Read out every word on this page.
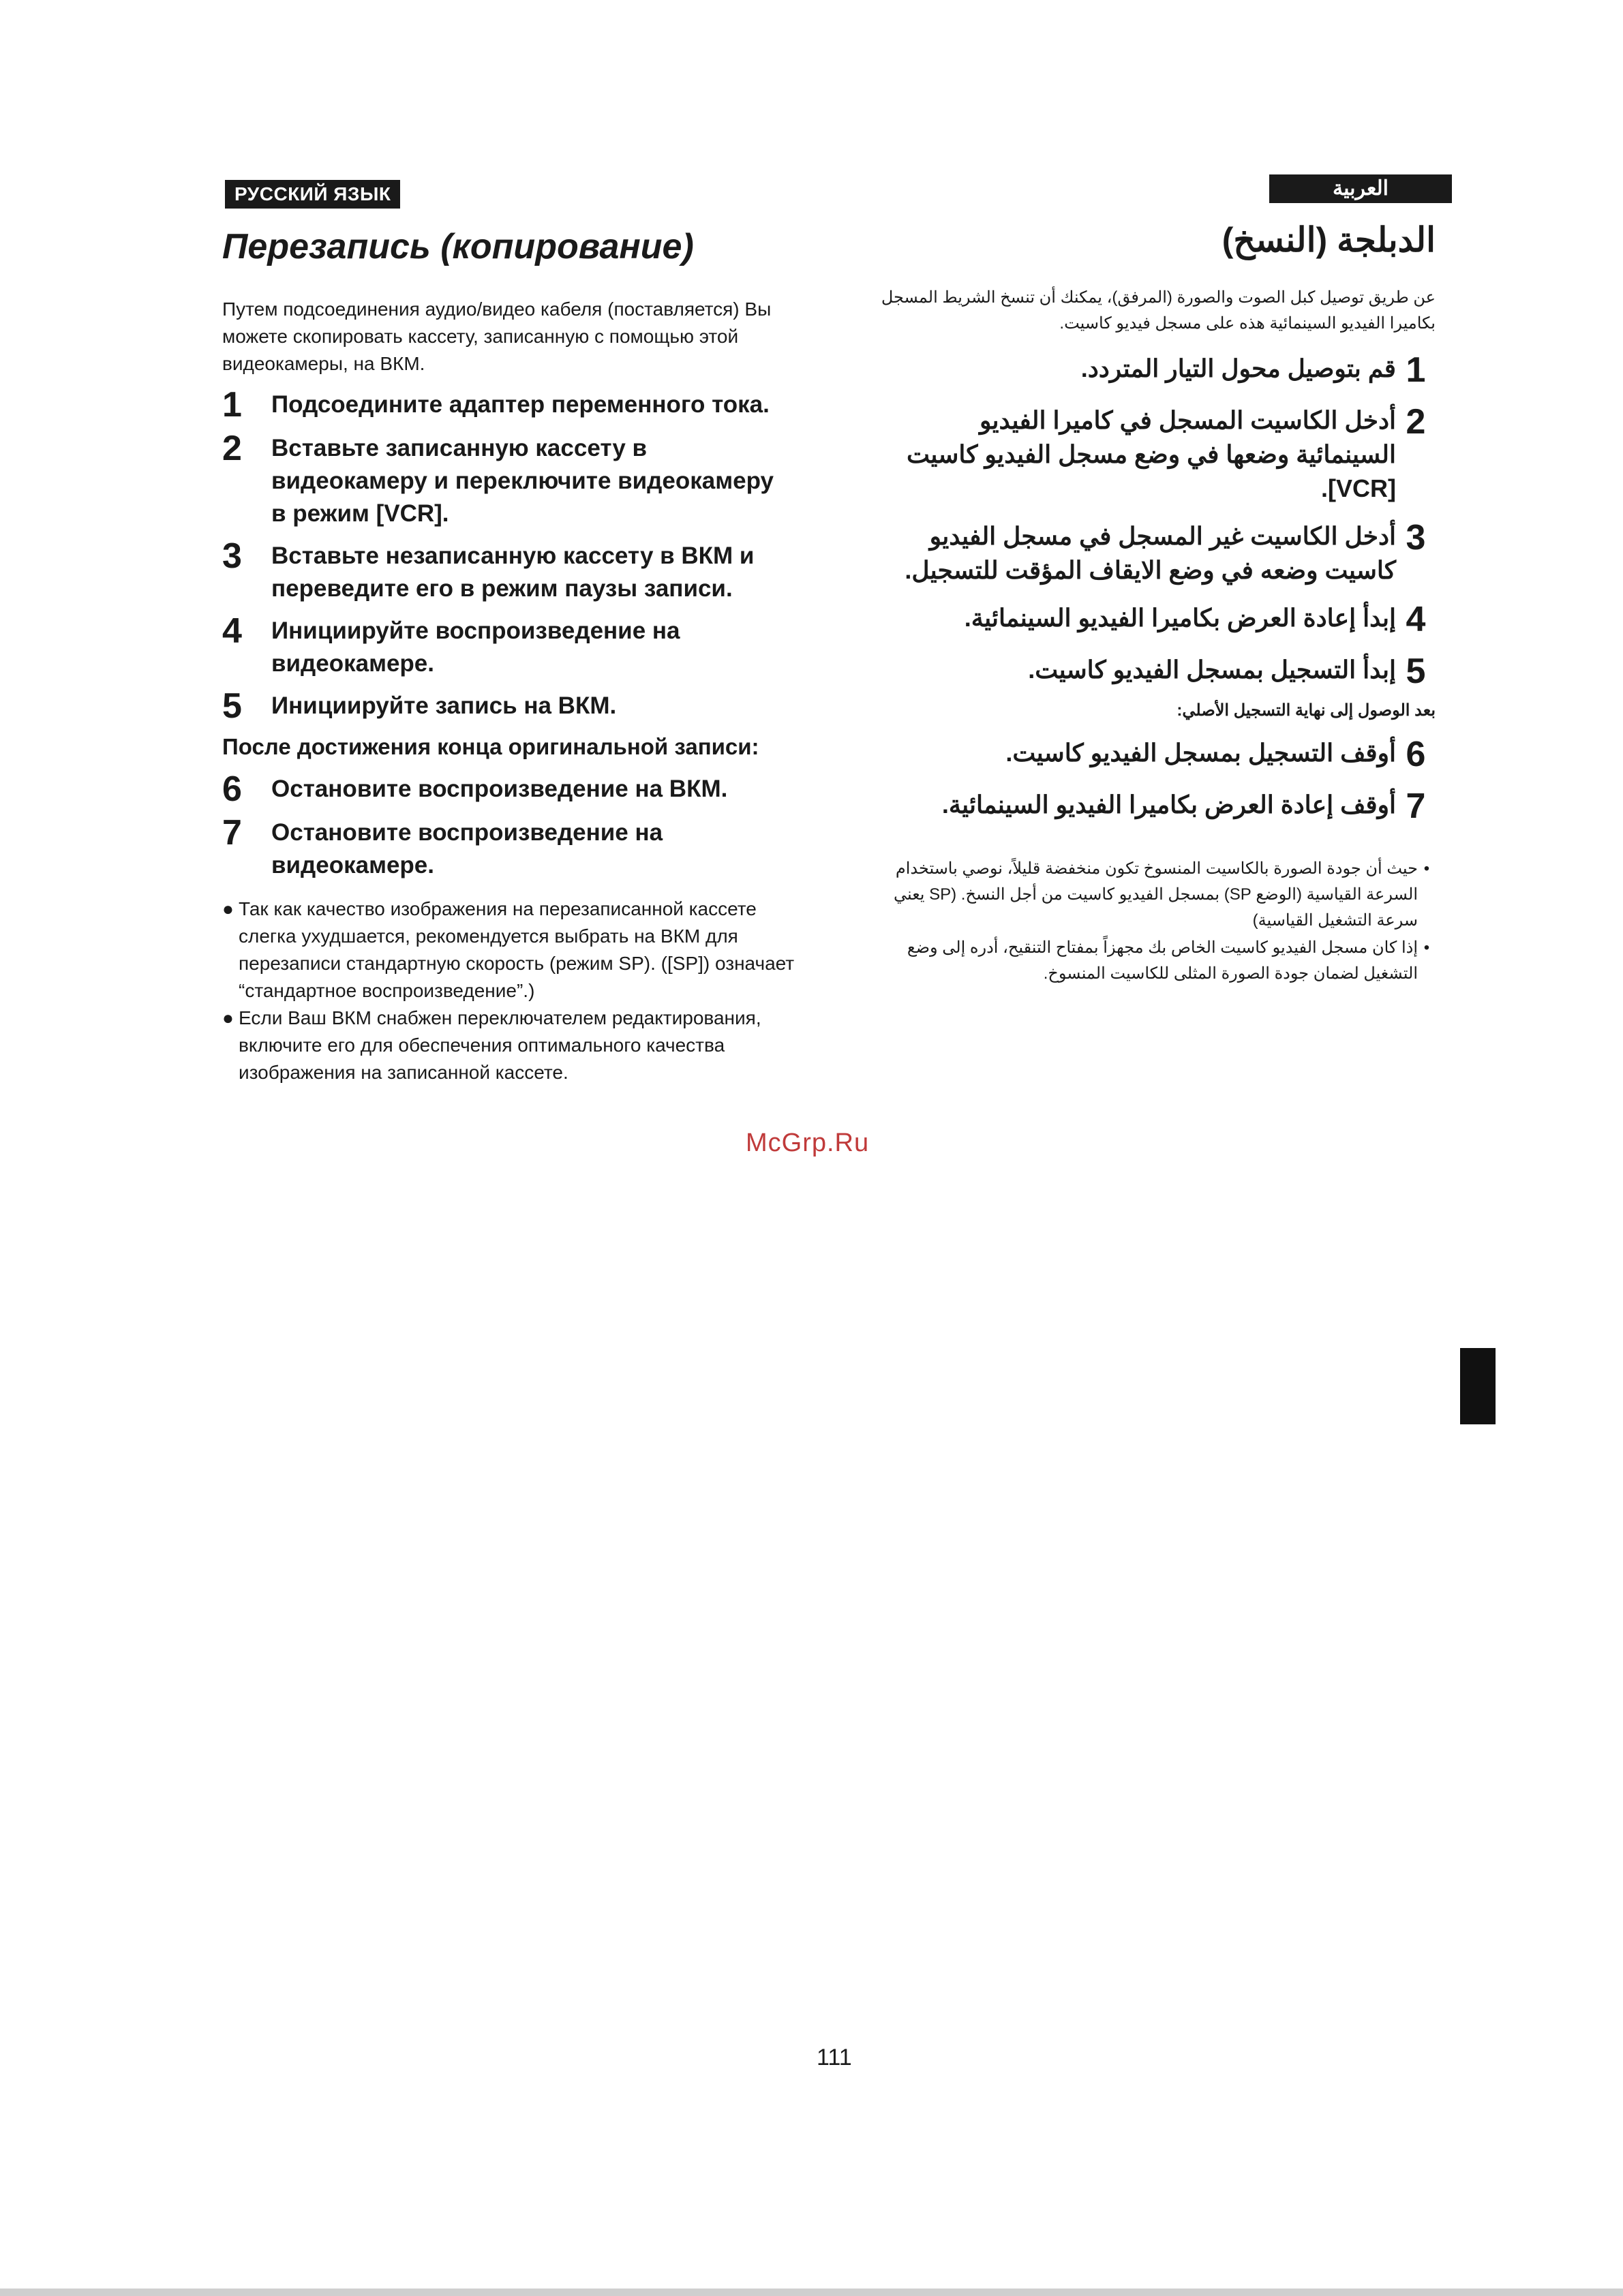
РУССКИЙ ЯЗЫК	العربية
Перезапись (копирование)

Путем подсоединения аудио/видео кабеля (поставляется) Вы можете скопировать кассету, записанную с помощью этой видеокамеры, на ВКМ.

1	Подсоедините адаптер переменного тока.
2	Вставьте записанную кассету в видеокамеру и переключите видеокамеру в режим [VCR].
3	Вставьте незаписанную кассету в ВКМ и переведите его в режим паузы записи.
4	Инициируйте воспроизведение на видеокамере.
5	Инициируйте запись на ВКМ.

После достижения конца оригинальной записи:

6	Остановите воспроизведение на ВКМ.
7	Остановите воспроизведение на видеокамере.
● Так как качество изображения на перезаписанной кассете слегка ухудшается, рекомендуется выбрать на ВКМ для перезаписи стандартную скорость (режим SP). ([SP]) означает “стандартное воспроизведение”.)
● Если Ваш ВКМ снабжен переключателем редактирования, включите его для обеспечения оптимального качества изображения на записанной кассете.
الدبلجة (النسخ)

عن طريق توصيل كبل الصوت والصورة (المرفق)، يمكنك أن تنسخ الشريط المسجل بكاميرا الفيديو السينمائية هذه على مسجل فيديو كاسيت.

1
قم بتوصيل محول التيار المتردد.
2
أدخل الكاسيت المسجل في كاميرا الفيديو السينمائية وضعها في وضع مسجل الفيديو كاسيت [VCR].
3
أدخل الكاسيت غير المسجل في مسجل الفيديو كاسيت وضعه في وضع الايقاف المؤقت للتسجيل.
4
إبدأ إعادة العرض بكاميرا الفيديو السينمائية.
5
إبدأ التسجيل بمسجل الفيديو كاسيت.

بعد الوصول إلى نهاية التسجيل الأصلي:

6
أوقف التسجيل بمسجل الفيديو كاسيت.
7
أوقف إعادة العرض بكاميرا الفيديو السينمائية.
•
حيث أن جودة الصورة بالكاسيت المنسوخ تكون منخفضة قليلاً، نوصي باستخدام السرعة القياسية (الوضع SP) بمسجل الفيديو كاسيت من أجل النسخ. (SP يعني سرعة التشغيل القياسية)
•
إذا كان مسجل الفيديو كاسيت الخاص بك مجهزاً بمفتاح التنقيح، أدره إلى وضع التشغيل لضمان جودة الصورة المثلى للكاسيت المنسوخ.
McGrp.Ru
111
